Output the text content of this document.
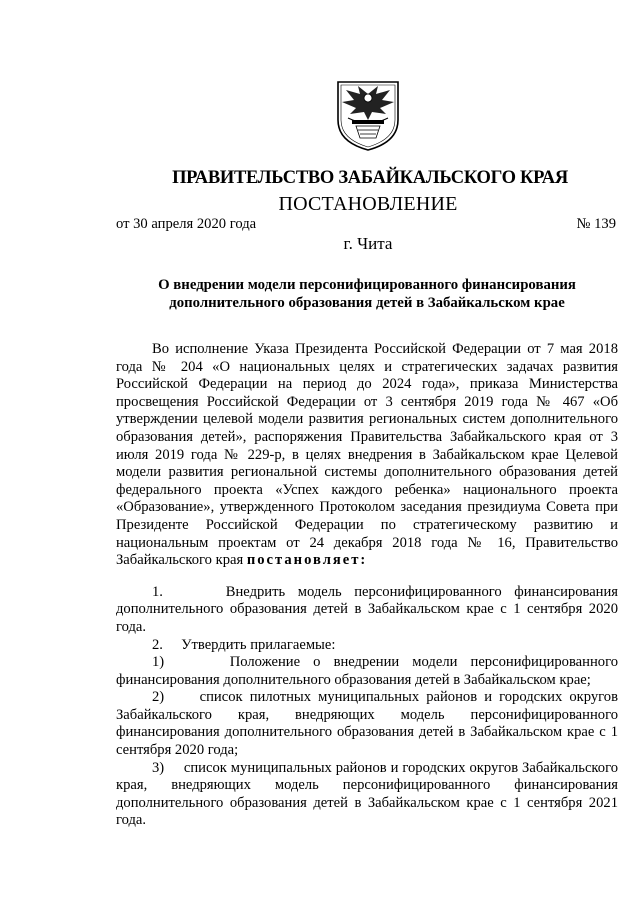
ПРАВИТЕЛЬСТВО ЗАБАЙКАЛЬСКОГО КРАЯ
ПОСТАНОВЛЕНИЕ
от 30 апреля 2020 года	№ 139
г. Чита
О внедрении модели персонифицированного финансирования
дополнительного образования детей в Забайкальском крае

Во исполнение Указа Президента Российской Федерации от 7 мая 2018 года № 204 «О национальных целях и стратегических задачах развития Российской Федерации на период до 2024 года», приказа Министерства просвещения Российской Федерации от 3 сентября 2019 года № 467 «Об утверждении целевой модели развития региональных систем дополнительного образования детей», распоряжения Правительства Забайкальского края от 3 июля 2019 года № 229-р, в целях внедрения в Забайкальском крае Целевой модели развития региональной системы дополнительного образования детей федерального проекта «Успех каждого ребенка» национального проекта «Образование», утвержденного Протоколом заседания президиума Совета при Президенте Российской Федерации по стратегическому развитию и национальным проектам от 24 декабря 2018 года № 16, Правительство Забайкальского края постановляет:

1.     Внедрить модель персонифицированного финансирования дополнительного образования детей в Забайкальском крае с 1 сентября 2020 года.

2.     Утвердить прилагаемые:

1)     Положение о внедрении модели персонифицированного финансирования дополнительного образования детей в Забайкальском крае;

2)     список пилотных муниципальных районов и городских округов Забайкальского края, внедряющих модель персонифицированного финансирования дополнительного образования детей в Забайкальском крае с 1 сентября 2020 года;

3)     список муниципальных районов и городских округов Забайкальского края, внедряющих модель персонифицированного финансирования дополнительного образования детей в Забайкальском крае с 1 сентября 2021 года.
